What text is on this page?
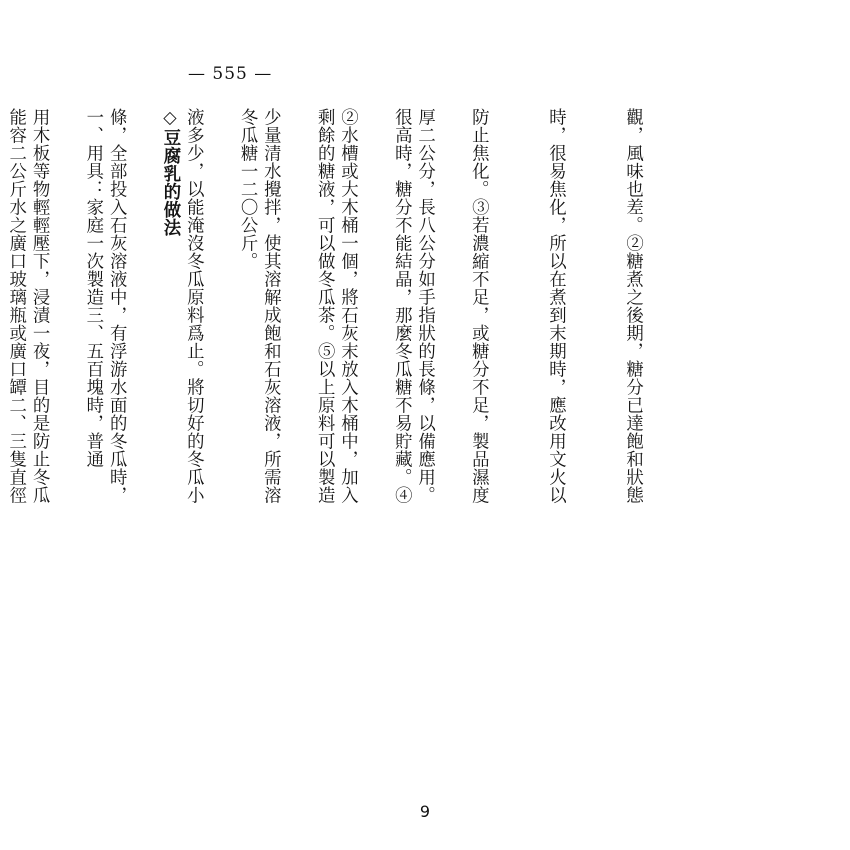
— 555 —

觀，風味也差。②糖煮之後期，糖分已達飽和狀態

時，很易焦化，所以在煮到末期時，應改用文火以

防止焦化。③若濃縮不足，或糖分不足，製品濕度

很高時，糖分不能結晶，那麼冬瓜糖不易貯藏。④

剩餘的糖液，可以做冬瓜茶。⑤以上原料可以製造

冬瓜糖一二〇公斤。

◇豆腐乳的做法

一、用具：家庭一次製造三、五百塊時，普通

能容二公斤水之廣口玻璃瓶或廣口罈二、三隻直徑

	厚二公分，長八公分如手指狀的長條，以備應用。

②水槽或大木桶一個，將石灰末放入木桶中，加入

少量清水攪拌，使其溶解成飽和石灰溶液，所需溶

液多少，以能淹沒冬瓜原料爲止。將切好的冬瓜小

條，全部投入石灰溶液中，有浮游水面的冬瓜時，

用木板等物輕輕壓下，浸漬一夜，目的是防止冬瓜

9
